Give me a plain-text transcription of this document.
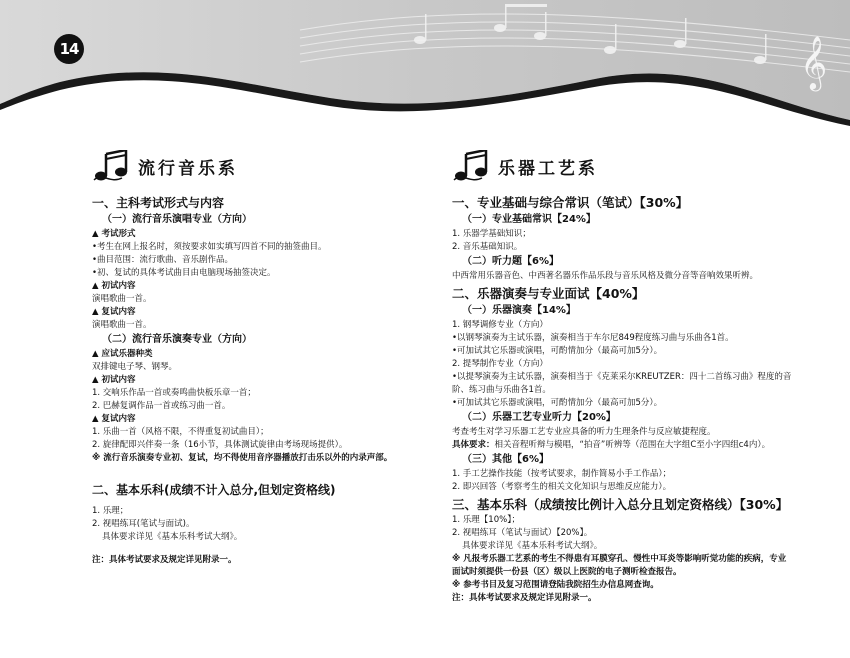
𝄞
14
流行音乐系
一、主科考试形式与内容
（一）流行音乐演唱专业（方向）
▲ 考试形式
•考生在网上报名时，须按要求如实填写四首不同的抽签曲目。
•曲目范围：流行歌曲、音乐剧作品。
•初、复试的具体考试曲目由电脑现场抽签决定。
▲ 初试内容
演唱歌曲一首。
▲ 复试内容
演唱歌曲一首。
（二）流行音乐演奏专业（方向）
▲ 应试乐器种类
双排键电子琴、钢琴。
▲ 初试内容
1. 交响乐作品一首或奏鸣曲快板乐章一首；
2. 巴赫复调作品一首或练习曲一首。
▲ 复试内容
1. 乐曲一首（风格不限，不得重复初试曲目）；
2. 旋律配即兴伴奏一条（16小节，具体测试旋律由考场现场提供）。
※ 流行音乐演奏专业初、复试，均不得使用音序器播放打击乐以外的内录声部。
二、基本乐科(成绩不计入总分,但划定资格线)
1. 乐理；
2. 视唱练耳(笔试与面试)。
具体要求详见《基本乐科考试大纲》。
注：具体考试要求及规定详见附录一。
乐器工艺系
一、专业基础与综合常识（笔试）【30%】
（一）专业基础常识【24%】
1. 乐器学基础知识；
2. 音乐基础知识。
（二）听力题【6%】
中西常用乐器音色、中西著名器乐作品乐段与音乐风格及微分音等音响效果听辨。
二、乐器演奏与专业面试【40%】
（一）乐器演奏【14%】
1. 钢琴调修专业（方向）
•以钢琴演奏为主试乐器，演奏相当于车尔尼849程度练习曲与乐曲各1首。
•可加试其它乐器或演唱，可酌情加分（最高可加5分）。
2. 提琴制作专业（方向）
•以提琴演奏为主试乐器，演奏相当于《克莱采尔KREUTZER：四十二首练习曲》程度的音阶、练习曲与乐曲各1首。
•可加试其它乐器或演唱，可酌情加分（最高可加5分）。
（二）乐器工艺专业听力【20%】
考查考生对学习乐器工艺专业应具备的听力生理条件与反应敏捷程度。
具体要求：相关音程听辩与模唱，“拍音”听辨等（范围在大字组C至小字四组c4内）。
（三）其他【6%】
1. 手工艺操作技能（按考试要求，制作简易小手工作品）；
2. 即兴回答（考察考生的相关文化知识与思维反应能力）。
三、基本乐科（成绩按比例计入总分且划定资格线）【30%】
1. 乐理【10%】；
2. 视唱练耳（笔试与面试）【20%】。
具体要求详见《基本乐科考试大纲》。
※ 凡报考乐器工艺系的考生不得患有耳膜穿孔、慢性中耳炎等影响听觉功能的疾病，专业面试时须提供一份县（区）级以上医院的电子测听检查报告。
※ 参考书目及复习范围请登陆我院招生办信息网查询。
注：具体考试要求及规定详见附录一。
